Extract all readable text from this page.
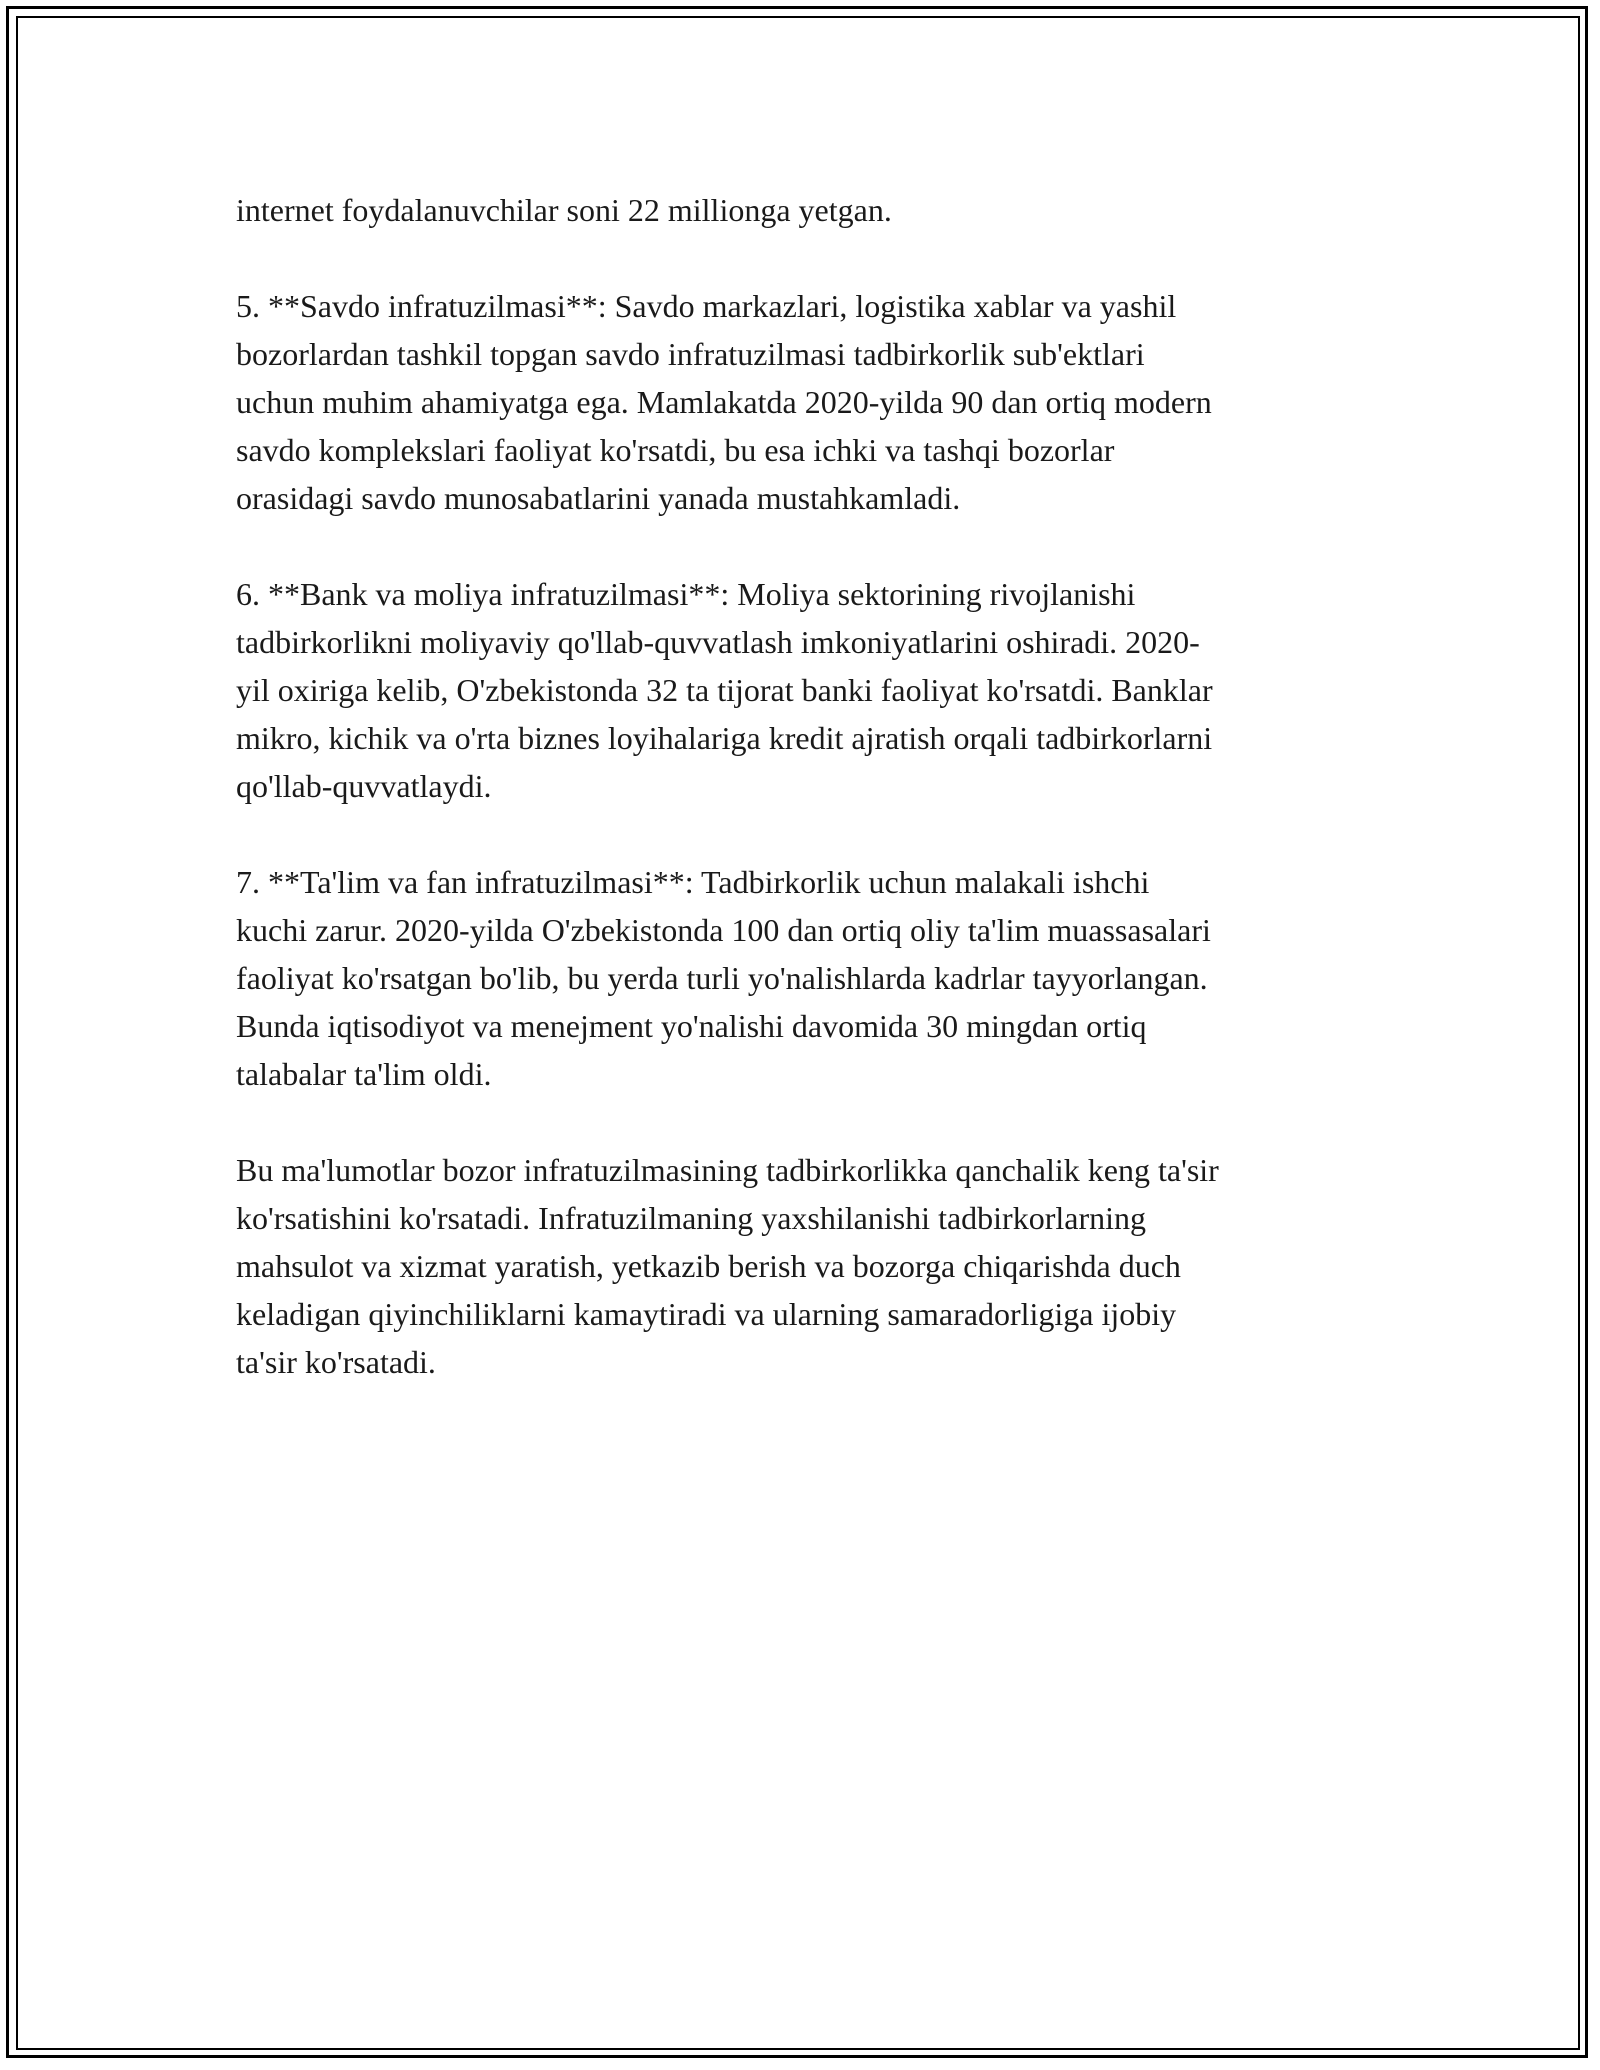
internet foydalanuvchilar soni 22 millionga yetgan.

5. **Savdo infratuzilmasi**: Savdo markazlari, logistika xablar va yashil
bozorlardan tashkil topgan savdo infratuzilmasi tadbirkorlik sub'ektlari
uchun muhim ahamiyatga ega. Mamlakatda 2020-yilda 90 dan ortiq modern
savdo komplekslari faoliyat ko'rsatdi, bu esa ichki va tashqi bozorlar
orasidagi savdo munosabatlarini yanada mustahkamladi.

6. **Bank va moliya infratuzilmasi**: Moliya sektorining rivojlanishi
tadbirkorlikni moliyaviy qo'llab-quvvatlash imkoniyatlarini oshiradi. 2020-
yil oxiriga kelib, O'zbekistonda 32 ta tijorat banki faoliyat ko'rsatdi. Banklar
mikro, kichik va o'rta biznes loyihalariga kredit ajratish orqali tadbirkorlarni
qo'llab-quvvatlaydi.

7. **Ta'lim va fan infratuzilmasi**: Tadbirkorlik uchun malakali ishchi
kuchi zarur. 2020-yilda O'zbekistonda 100 dan ortiq oliy ta'lim muassasalari
faoliyat ko'rsatgan bo'lib, bu yerda turli yo'nalishlarda kadrlar tayyorlangan.
Bunda iqtisodiyot va menejment yo'nalishi davomida 30 mingdan ortiq
talabalar ta'lim oldi.

Bu ma'lumotlar bozor infratuzilmasining tadbirkorlikka qanchalik keng ta'sir
ko'rsatishini ko'rsatadi. Infratuzilmaning yaxshilanishi tadbirkorlarning
mahsulot va xizmat yaratish, yetkazib berish va bozorga chiqarishda duch
keladigan qiyinchiliklarni kamaytiradi va ularning samaradorligiga ijobiy
ta'sir ko'rsatadi.
